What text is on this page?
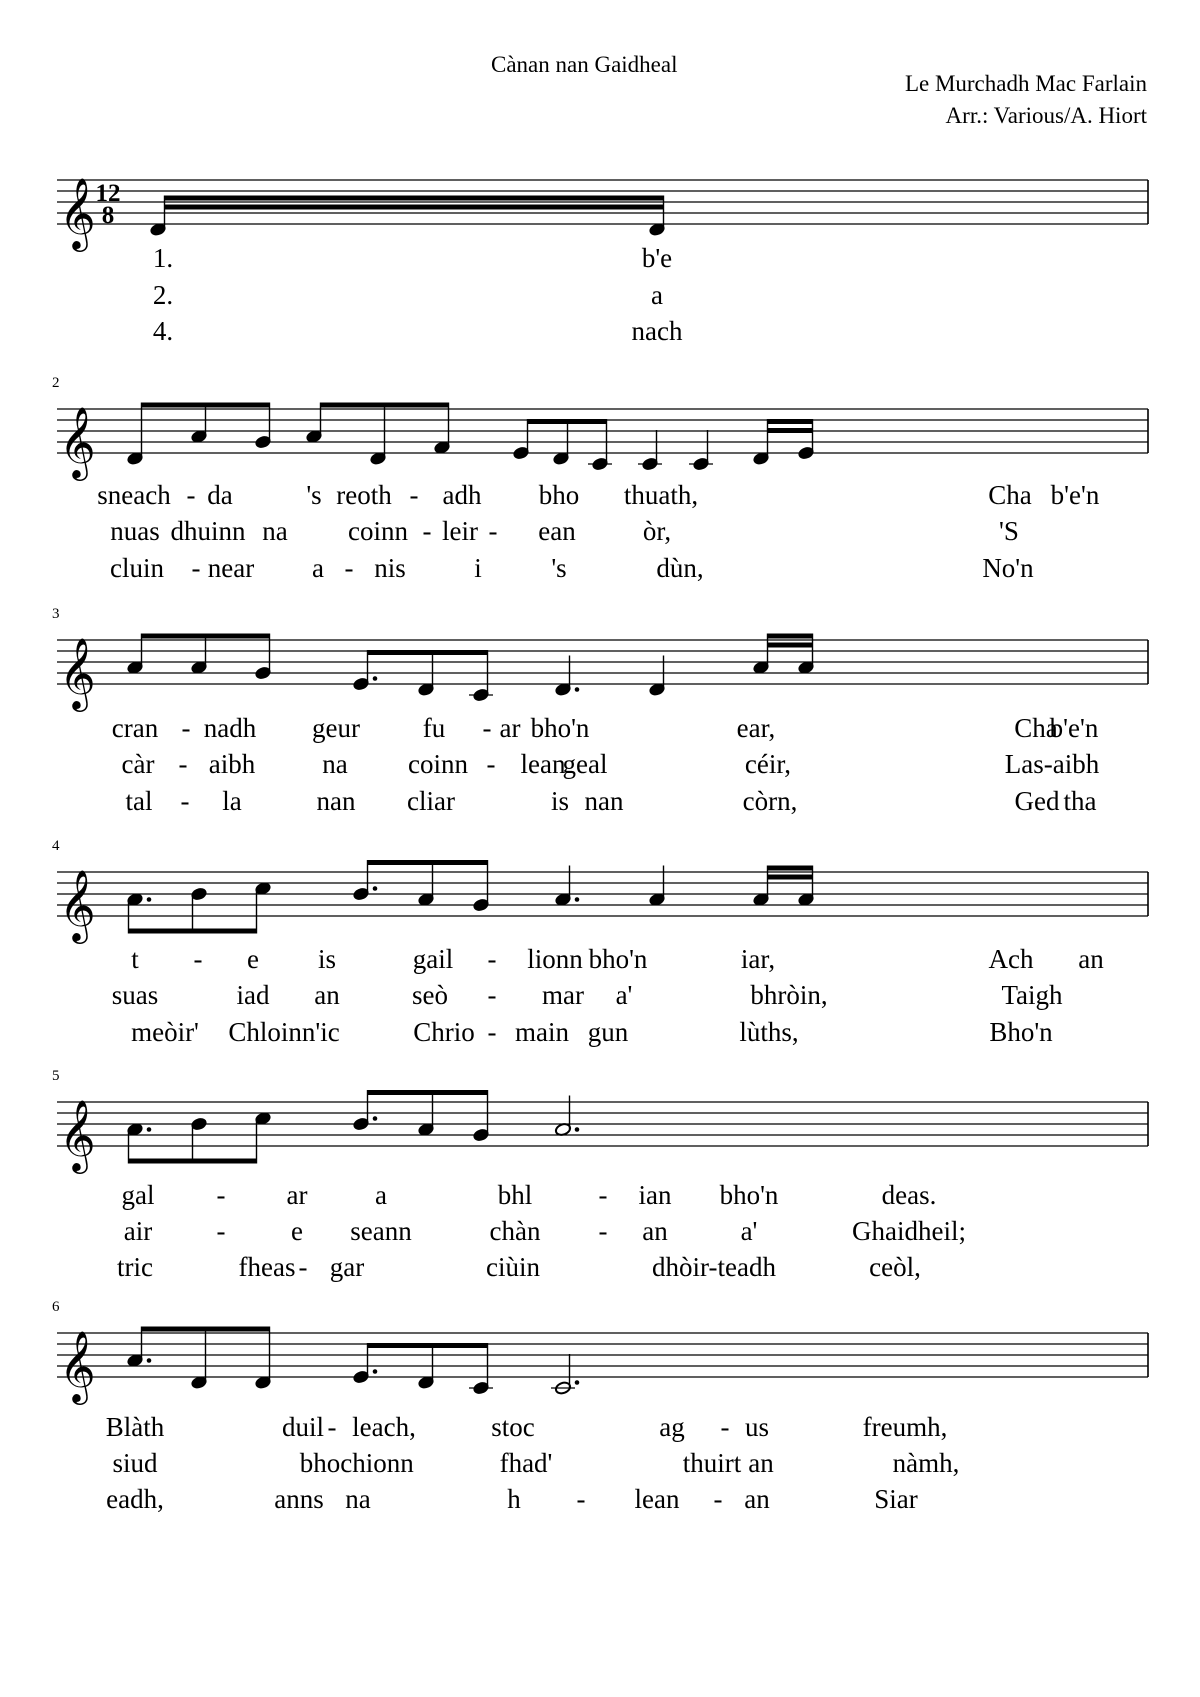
Cànan nan Gaidheal
Le Murchadh Mac Farlain
Arr.: Various/A. Hiort
𝄞 12
8
1.	b'e
2.	a
4.	nach
𝄞
2
sneach - da	's reoth - adh bho thuath,	Cha b'e'n
nuas dhuinn na coinn - leir - ean òr,	'S
cluin - near a - nis	i	's	dùn,	No'n
𝄞
3
cran - nadh geur fu - ar bho'n	ear,	Cha
b'e'n
càr - aibh na coinn - lean
geal	céir,	Las-aibh
tal - la	nan cliar	is nan	còrn,	Ged tha
𝄞
4
t - e is	gail - lionn bho'n	iar,	Ach an
suas	iad an	seò - mar a'	bhròin,	Taigh
meòir' Chloinn'ic	Chrio - main gun	lùths,	Bho'n
𝄞
5
gal - ar	a	bhl - ian bho'n	deas.
air - e seann	chàn - an	a'	Ghaidheil;
tric	fheas - gar	ciùin	dhòir-teadh	ceòl,
𝄞
6
Blàth	duil - leach,	stoc	ag - us	freumh,
siud	bho chionn	fhad'	thuirt an	nàmh,
eadh,	anns na	h - lean - an	Siar
